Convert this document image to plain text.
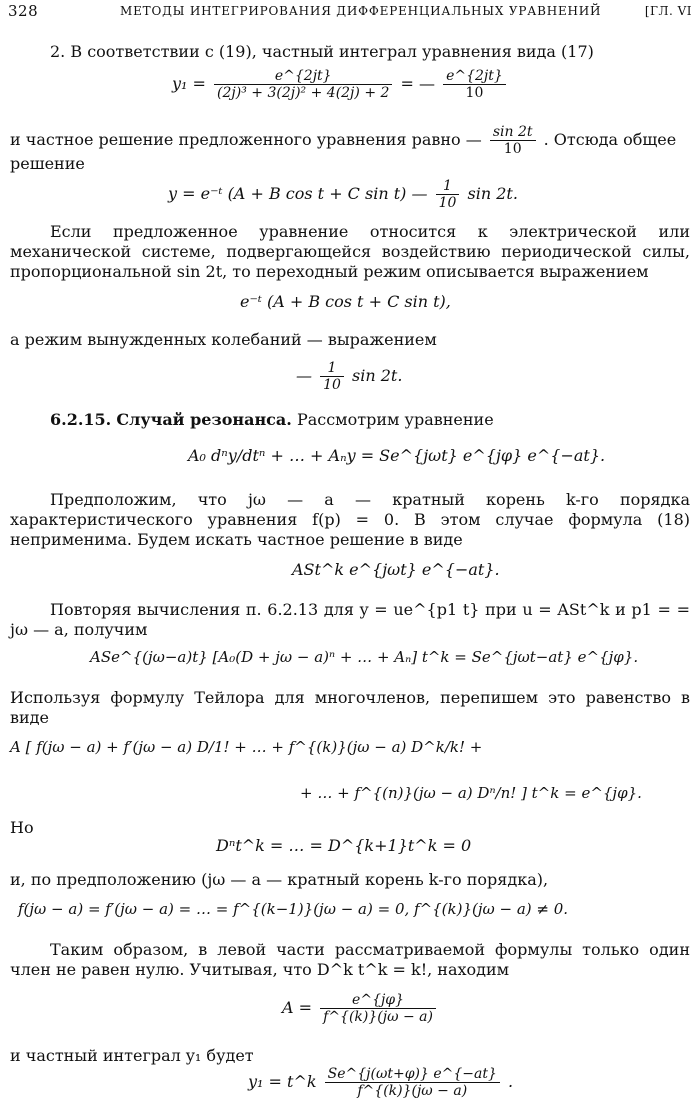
328	МЕТОДЫ ИНТЕГРИРОВАНИЯ ДИФФЕРЕНЦИАЛЬНЫХ УРАВНЕНИЙ	[ГЛ. VI
2. В соответствии с (19), частный интеграл уравнения вида (17)
$y_1 = \frac{e\^{}\{2jt\}}{\text{(2j)³ + 3(2j)² + 4(2j) + 2}}$ = — $\frac{e\^{}\{2jt\}}{10}$
и частное решение предложенного уравнения равно — $\frac{\sin 2t}{10}$ . Отсюда общее
решение
y = e⁻ᵗ (A + B cos t + C sin t) — $\frac{1}{10}$ sin 2t.
Если предложенное уравнение относится к электрической или механической системе, подвергающейся воздействию периодической силы, пропорциональной sin 2t, то переходный режим описывается выражением
e⁻ᵗ (A + B cos t + C sin t),
а режим вынужденных колебаний — выражением
— $\frac{1}{10}$ sin 2t.
6.2.15. Случай резонанса. Рассмотрим уравнение
A₀ dⁿy/dtⁿ + … + Aₙy = Se^{jωt} e^{jφ} e^{−at}.
Предположим, что jω — a — кратный корень k-го порядка характеристического уравнения f(p) = 0. В этом случае формула (18) неприменима. Будем искать частное решение в виде
ASt^k e^{jωt} e^{−at}.
Повторяя вычисления п. 6.2.13 для y = ue^{p1 t} при u = ASt^k и p1 = = jω — a, получим
ASe^{(jω−a)t} [A₀(D + jω − a)ⁿ + … + Aₙ] t^k = Se^{jωt−at} e^{jφ}.
Используя формулу Тейлора для многочленов, перепишем это равенство в виде
A [ f(jω − a) + f′(jω − a) D/1! + … + f^{(k)}(jω − a) D^k/k! +
+ … + f^{(n)}(jω − a) Dⁿ/n! ] t^k = e^{jφ}.
Но
Dⁿt^k = … = D^{k+1}t^k = 0
и, по предположению (jω — a — кратный корень k-го порядка),
f(jω − a) = f′(jω − a) = … = f^{(k−1)}(jω − a) = 0, f^{(k)}(jω − a) ≠ 0.
Таким образом, в левой части рассматриваемой формулы только один член не равен нулю. Учитывая, что D^k t^k = k!, находим
$A = \frac{e\^{}\{j\varphi\}}{f\^{}\{(k)\}(j\omega - a)}$
и частный интеграл y₁ будет
y₁ = t^k $\frac{Se\^{}\{j(\omega t+\varphi)\} e\^{}\{-at\}}{f\^{}\{(k)\}(j\omega - a)}$ .
